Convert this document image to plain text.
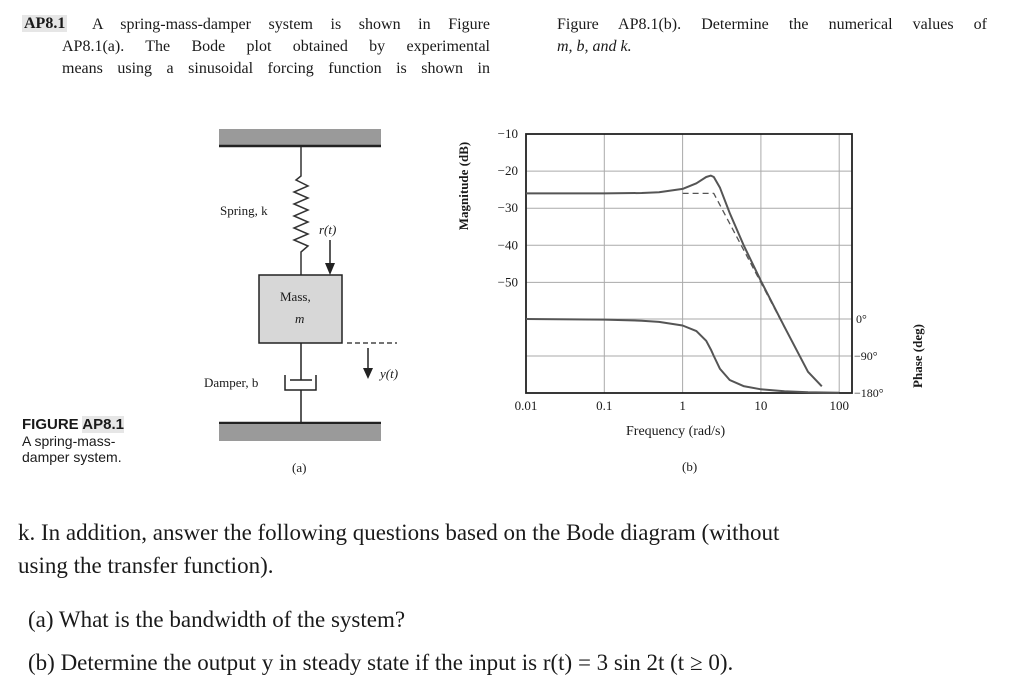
AP8.1 A spring-mass-damper system is shown in Figure
AP8.1(a). The Bode plot obtained by experimental
means using a sinusoidal forcing function is shown in
Figure AP8.1(b). Determine the numerical values of
m, b, and k.
FIGURE AP8.1
A spring-mass-
damper system.
Spring, k
r(t)
Mass,
m
Damper, b
y(t)
(a)
0.01	0.1	1	10	100
−10
−20
−30
−40
−50
0°
−90°
−180°
Magnitude (dB)
Phase (deg)
Frequency (rad/s)
(b)
k. In addition, answer the following questions based on the Bode diagram (without
using the transfer function).
(a) What is the bandwidth of the system?
(b) Determine the output y in steady state if the input is r(t) = 3 sin 2t (t ≥ 0).
